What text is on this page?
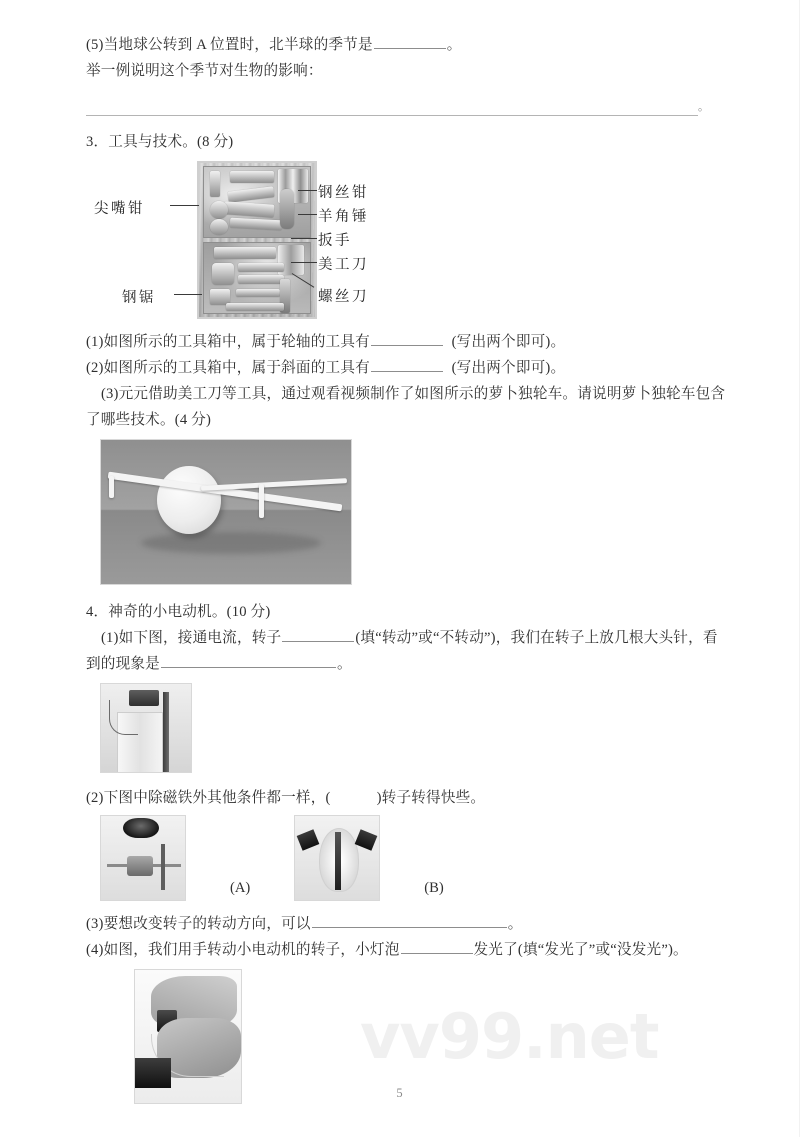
(5)当地球公转到 A 位置时，北半球的季节是	。
举一例说明这个季节对生物的影响：
。
3．工具与技术。(8 分)
尖嘴钳
钢锯
钢丝钳
羊角锤
扳手
美工刀
螺丝刀
(1)如图所示的工具箱中，属于轮轴的工具有	(写出两个即可)。
(2)如图所示的工具箱中，属于斜面的工具有	(写出两个即可)。
(3)元元借助美工刀等工具，通过观看视频制作了如图所示的萝卜独轮车。请说明萝卜独轮车包含了哪些技术。(4 分)
4．神奇的小电动机。(10 分)
(1)如下图，接通电流，转子	(填“转动”或“不转动”)，我们在转子上放几根大头针，看到的现象是	。
(2)下图中除磁铁外其他条件都一样，(	)转子转得快些。
(A)	(B)
(3)要想改变转子的转动方向，可以	。
(4)如图，我们用手转动小电动机的转子，小灯泡	发光了(填“发光了”或“没发光”)。
vv99.net
5
